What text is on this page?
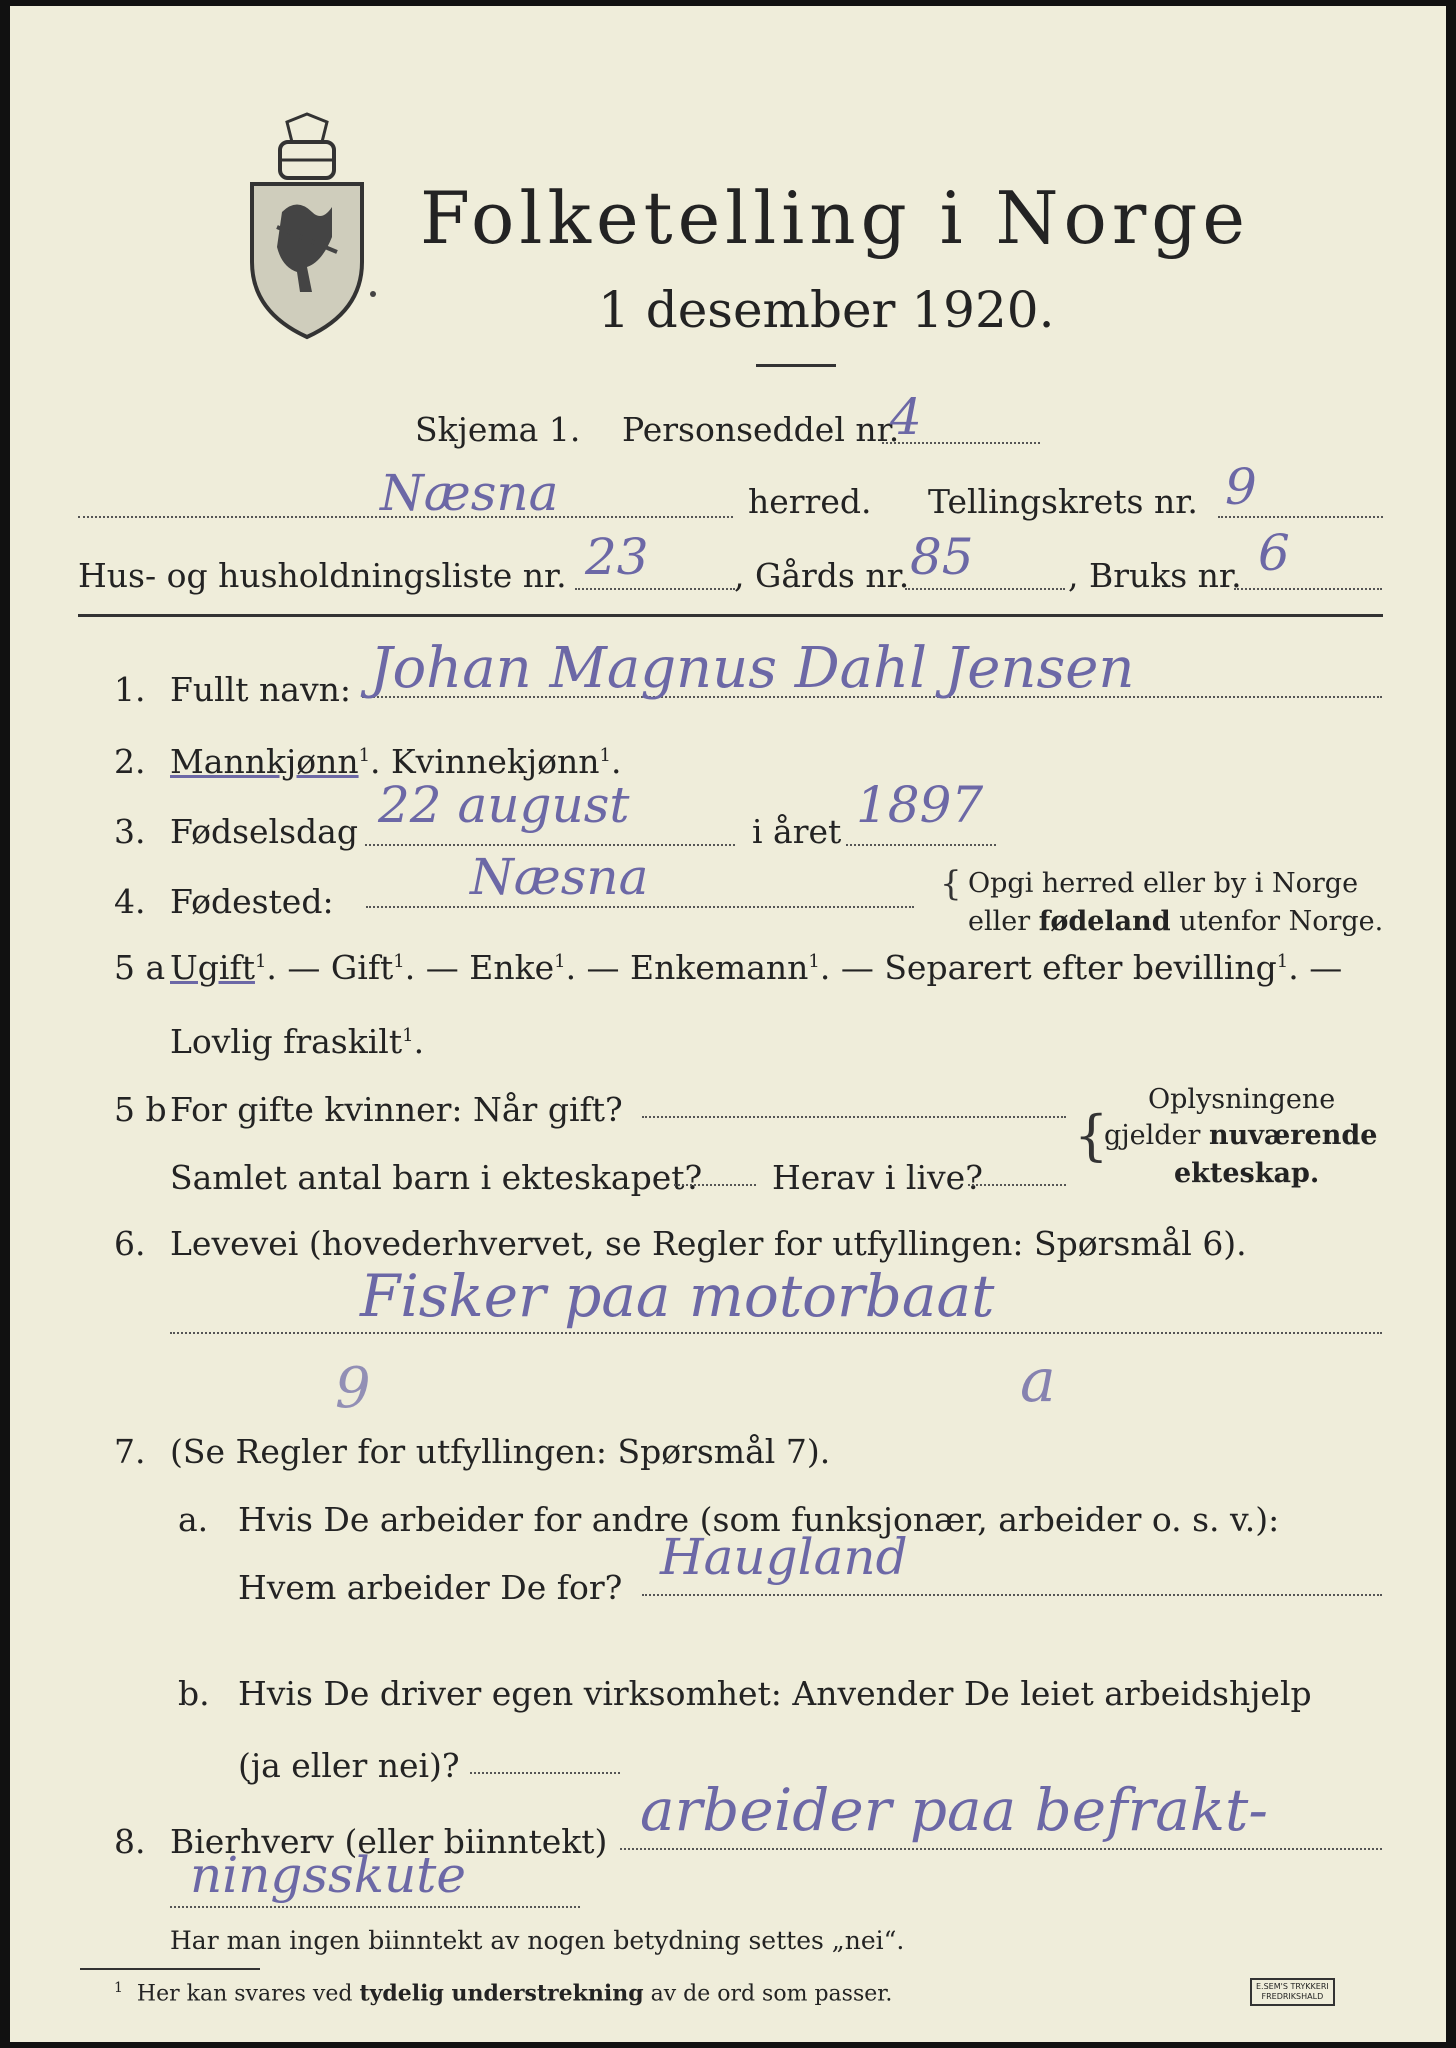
Folketelling i Norge
1 desember 1920.
Skjema 1. Personseddel nr.
4
Næsna	herred. Tellingskrets nr. 9
Hus- og husholdningsliste nr. 23	, Gårds nr. 85	, Bruks nr. 6
1. Fullt navn: Johan Magnus Dahl Jensen
2. Mannkjønn$^1$. Kvinnekjønn$^1$.
3. Fødselsdag 22 august	i året 1897
4. Fødested:	Næsna	{ Opgi herred eller by i Norge
eller fødeland utenfor Norge.
5 a Ugift$^1$. — Gift$^1$. — Enke$^1$. — Enkemann$^1$. — Separert efter bevilling$^1$. —
Lovlig fraskilt$^1$.
5 b For gifte kvinner: Når gift?
Samlet antal barn i ekteskapet? Herav i live?
{
Oplysningene
gjelder nuværende
ekteskap.
6. Levevei (hovederhvervet, se Regler for utfyllingen: Spørsmål 6).
Fisker paa motorbaat
9	a
7. (Se Regler for utfyllingen: Spørsmål 7).
a. Hvis De arbeider for andre (som funksjonær, arbeider o. s. v.):
Hvem arbeider De for?
Haugland
b. Hvis De driver egen virksomhet: Anvender De leiet arbeidshjelp
(ja eller nei)?
8. Bierhverv (eller biinntekt) arbeider paa befrakt-
ningsskute
Har man ingen biinntekt av nogen betydning settes „nei“.
$^1$ Her kan svares ved tydelig understrekning av de ord som passer.	E.SEM'S TRYKKERI
FREDRIKSHALD
